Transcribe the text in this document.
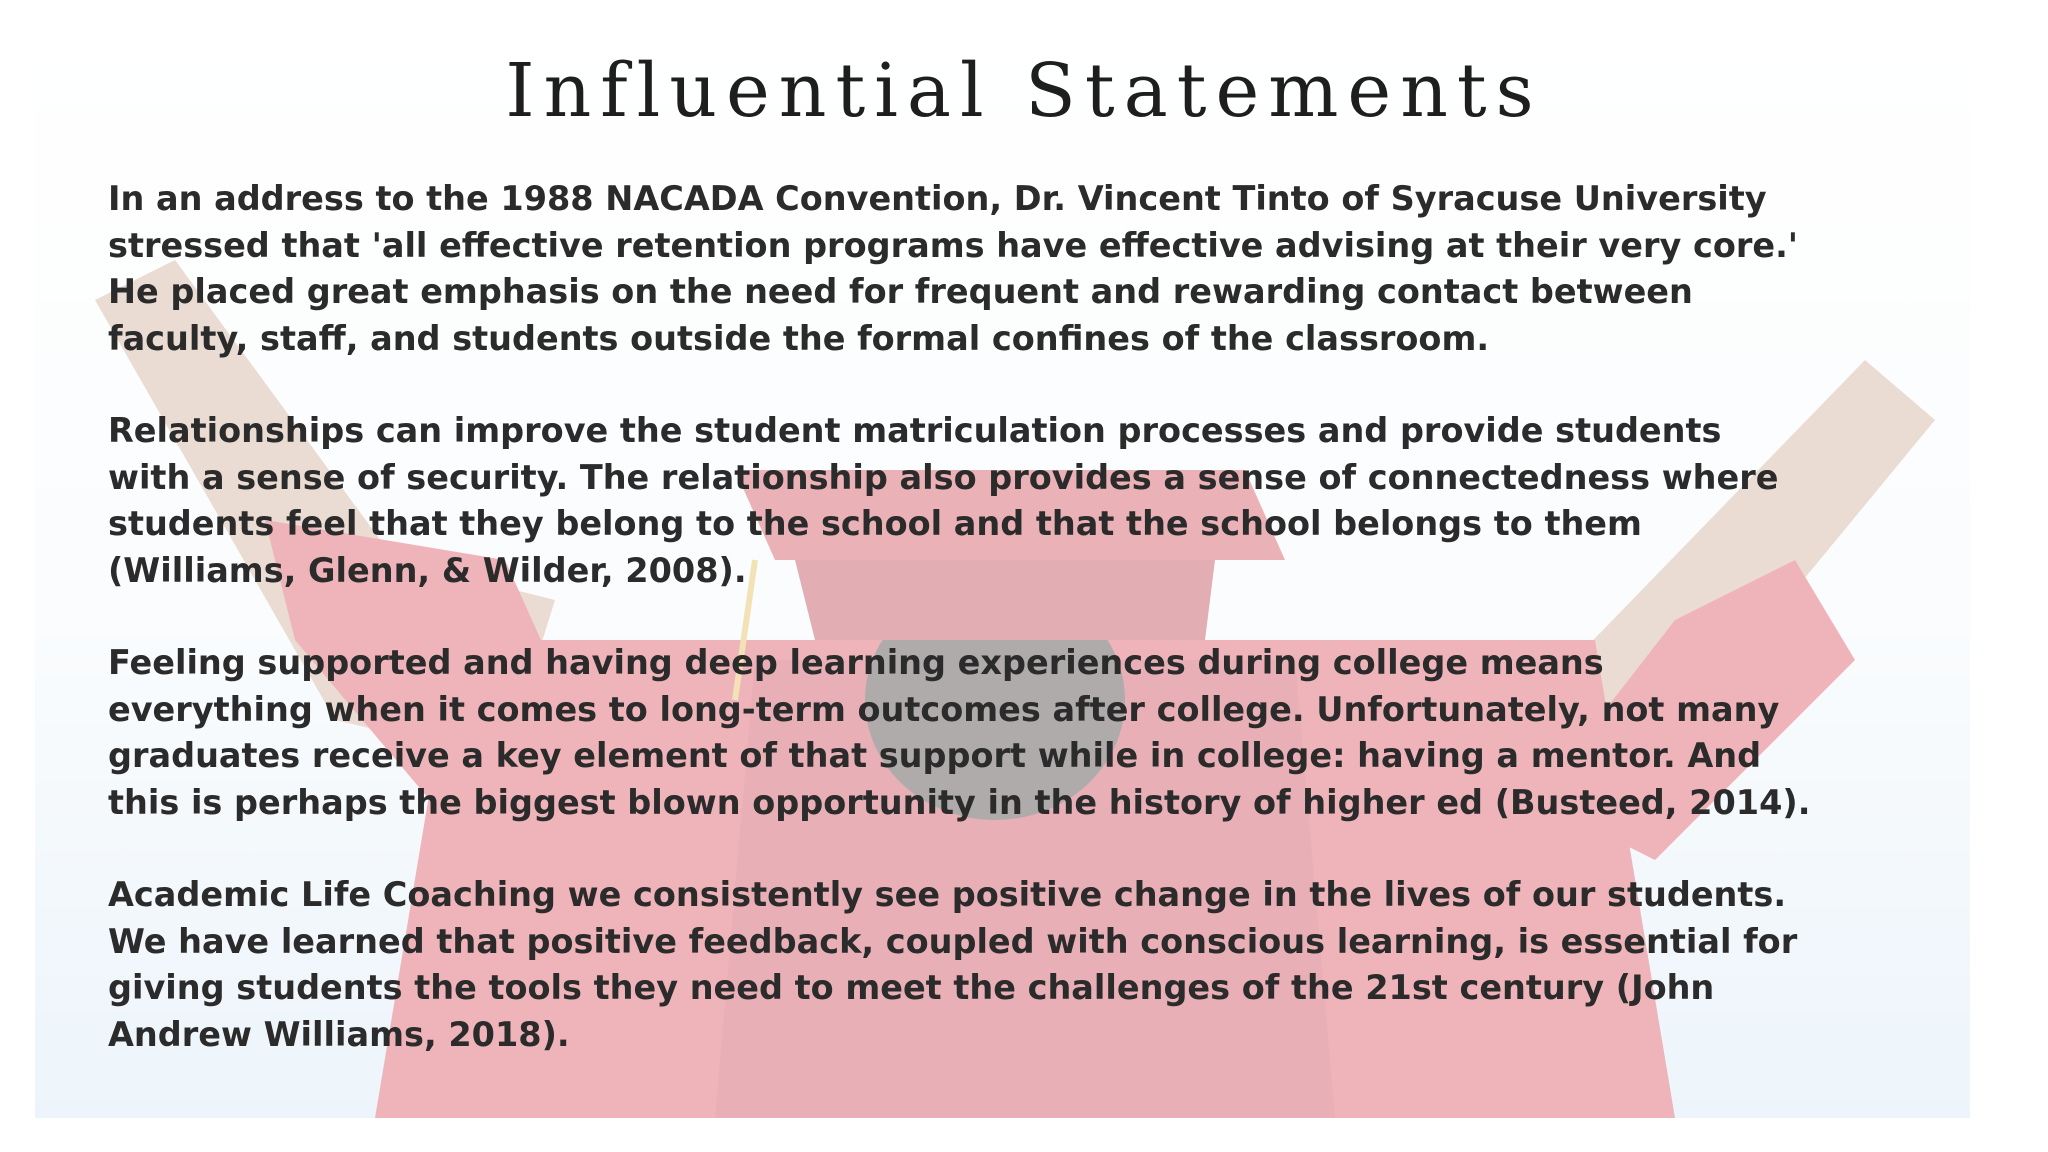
Influential Statements

In an address to the 1988 NACADA Convention, Dr. Vincent Tinto of Syracuse University
stressed that 'all effective retention programs have effective advising at their very core.'
He placed great emphasis on the need for frequent and rewarding contact between
faculty, staff, and students outside the formal confines of the classroom.

Relationships can improve the student matriculation processes and provide students
with a sense of security. The relationship also provides a sense of connectedness where
students feel that they belong to the school and that the school belongs to them
(Williams, Glenn, & Wilder, 2008).

Feeling supported and having deep learning experiences during college means
everything when it comes to long-term outcomes after college. Unfortunately, not many
graduates receive a key element of that support while in college: having a mentor. And
this is perhaps the biggest blown opportunity in the history of higher ed (Busteed, 2014).

Academic Life Coaching we consistently see positive change in the lives of our students.
We have learned that positive feedback, coupled with conscious learning, is essential for
giving students the tools they need to meet the challenges of the 21st century (John
Andrew Williams, 2018).
